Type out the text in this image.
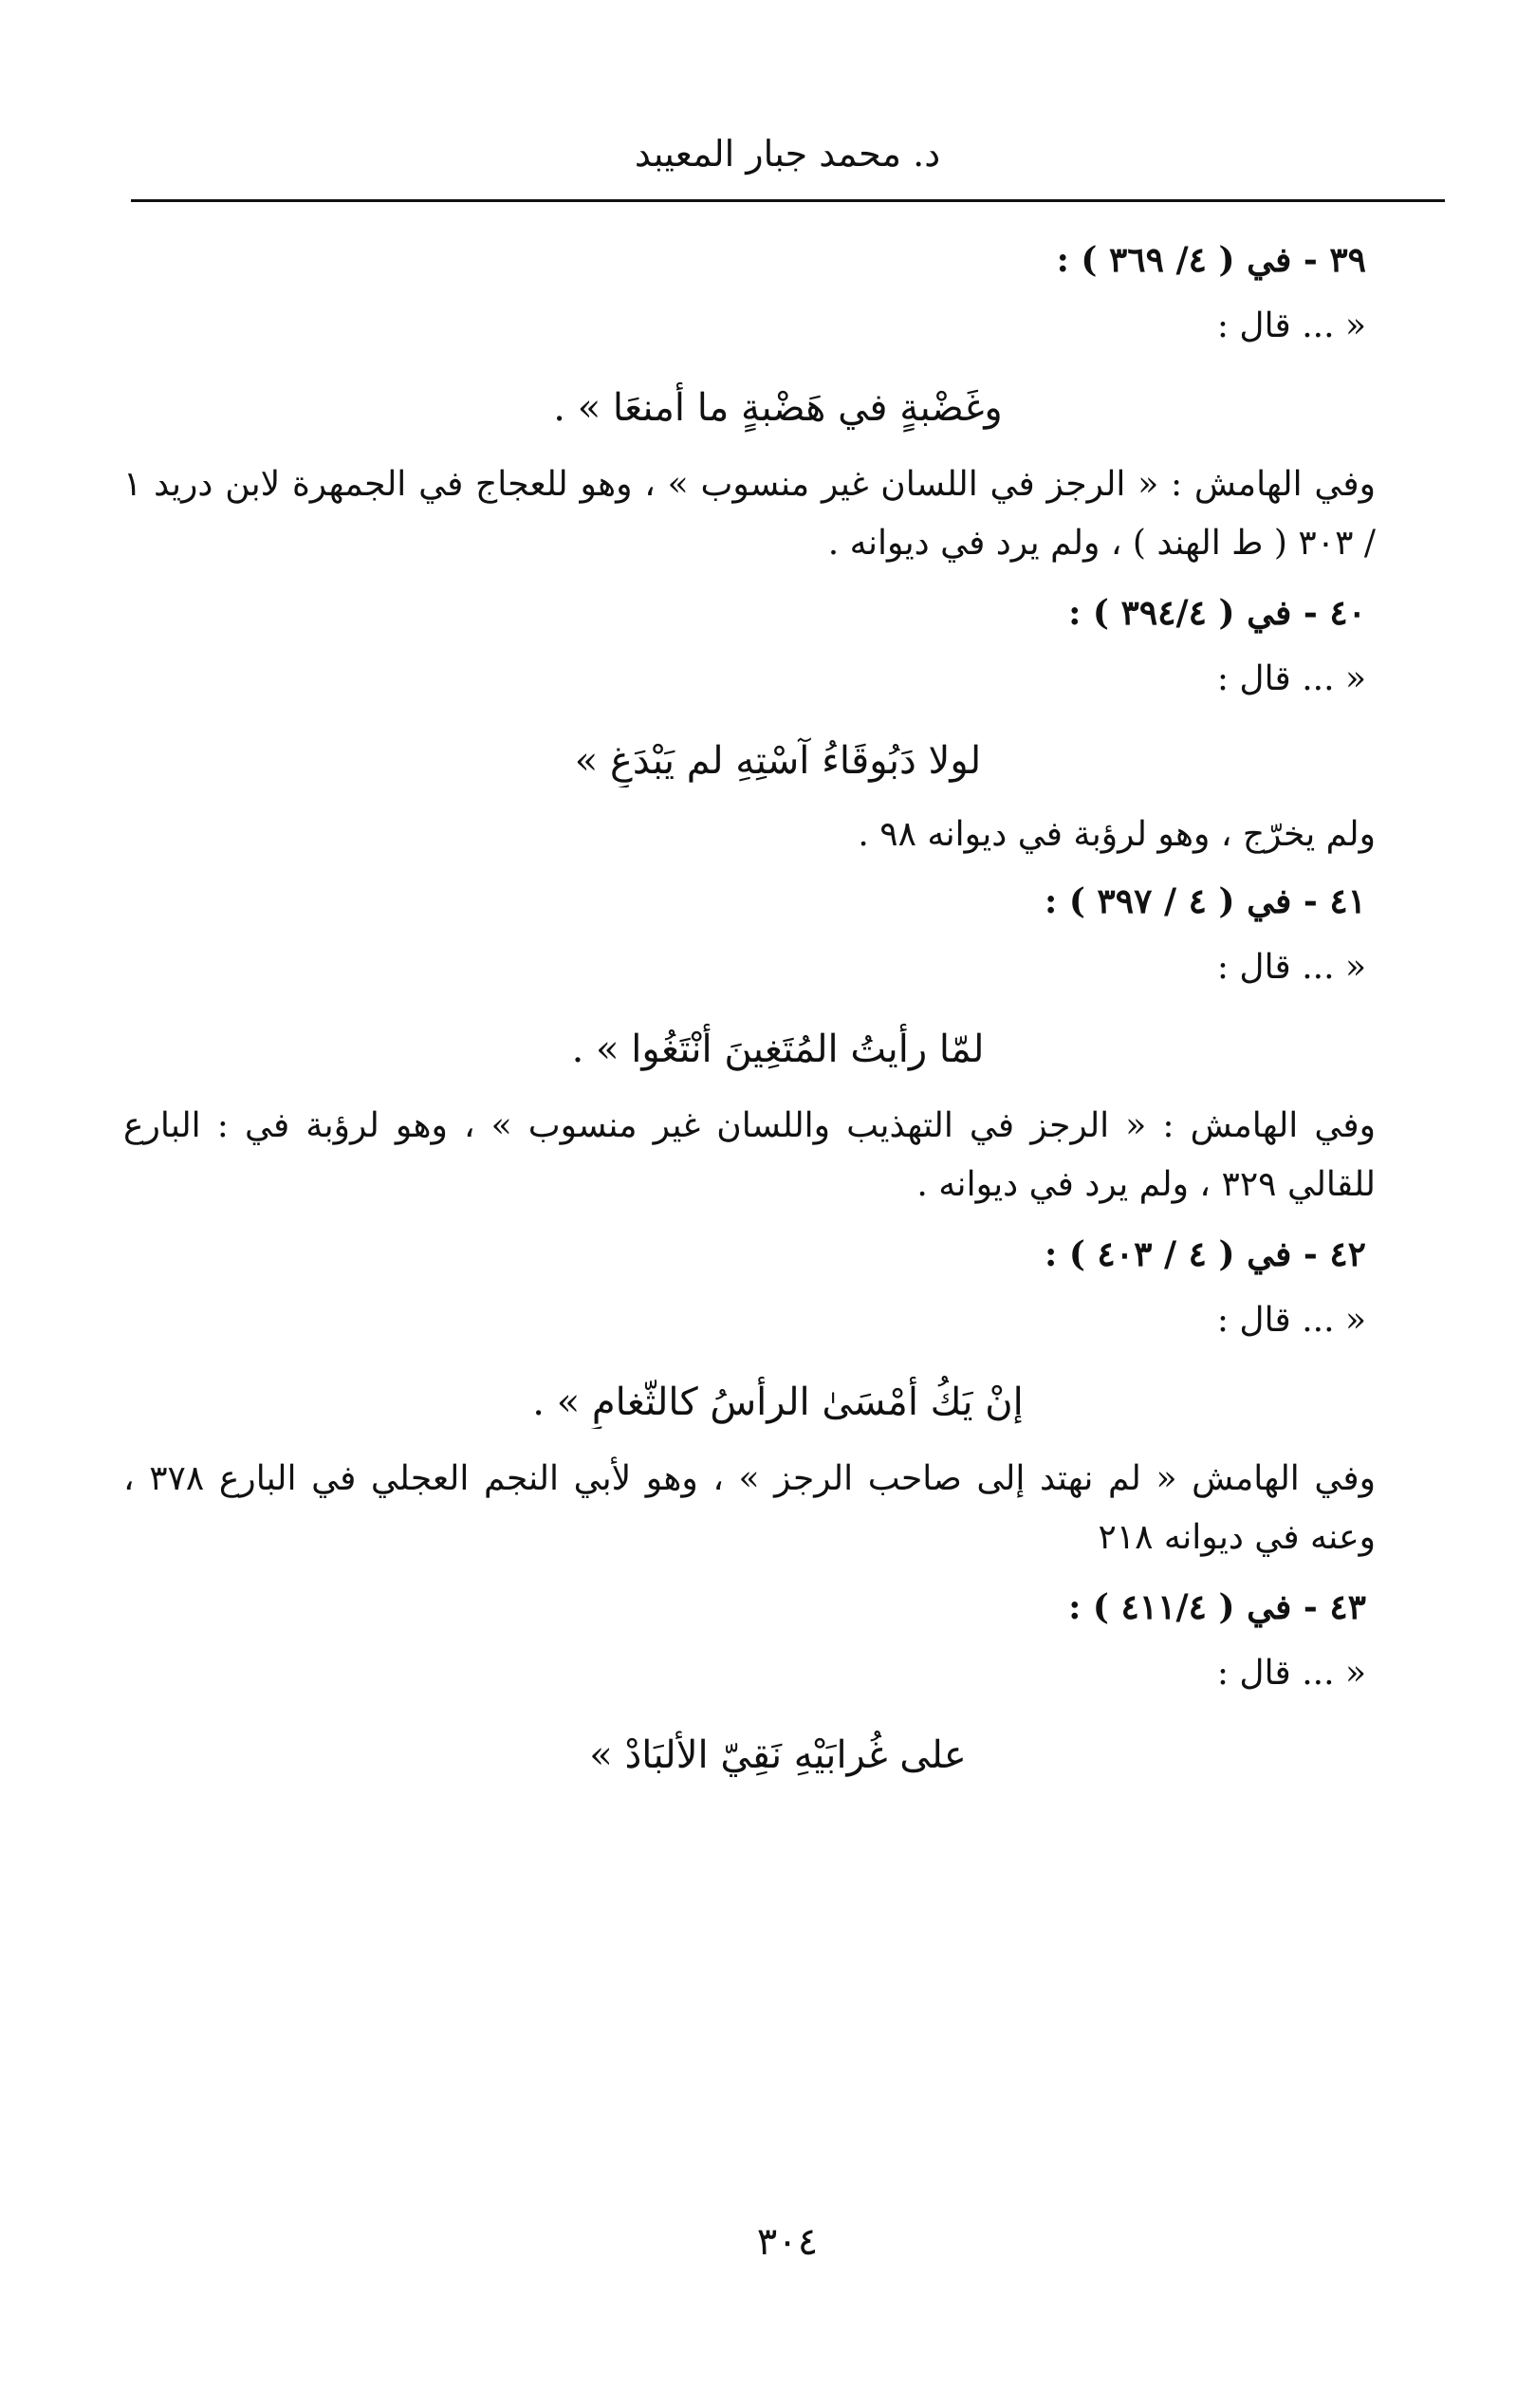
د. محمد جبار المعيبد
٣٩ - في ( ٤/ ٣٦٩ ) :
« ... قال :
وغَضْبةٍ في هَضْبةٍ ما أمنعَا » .
وفي الهامش : « الرجز في اللسان غير منسوب » ، وهو للعجاج في الجمهرة لابن دريد ١ / ٣٠٣ ( ط الهند ) ، ولم يرد في ديوانه .
٤٠ - في ( ٣٩٤/٤ ) :
« ... قال :
لولا دَبُوقَاءُ آسْتِهِ لم يَبْدَغِ »
ولم يخرّج ، وهو لرؤبة في ديوانه ٩٨ .
٤١ - في ( ٤ / ٣٩٧ ) :
« ... قال :
لمّا رأيتُ المُتَغِينَ أنْتَغُوا » .
وفي الهامش : « الرجز في التهذيب واللسان غير منسوب » ، وهو لرؤبة في : البارع للقالي ٣٢٩ ، ولم يرد في ديوانه .
٤٢ - في ( ٤ / ٤٠٣ ) :
« ... قال :
إنْ يَكُ أمْسَىٰ الرأسُ كالثّغامِ » .
وفي الهامش « لم نهتد إلى صاحب الرجز » ، وهو لأبي النجم العجلي في البارع ٣٧٨ ، وعنه في ديوانه ٢١٨
٤٣ - في ( ٤١١/٤ ) :
« ... قال :
على غُرابَيْهِ نَقِيّ الألبَادْ »
٣٠٤
